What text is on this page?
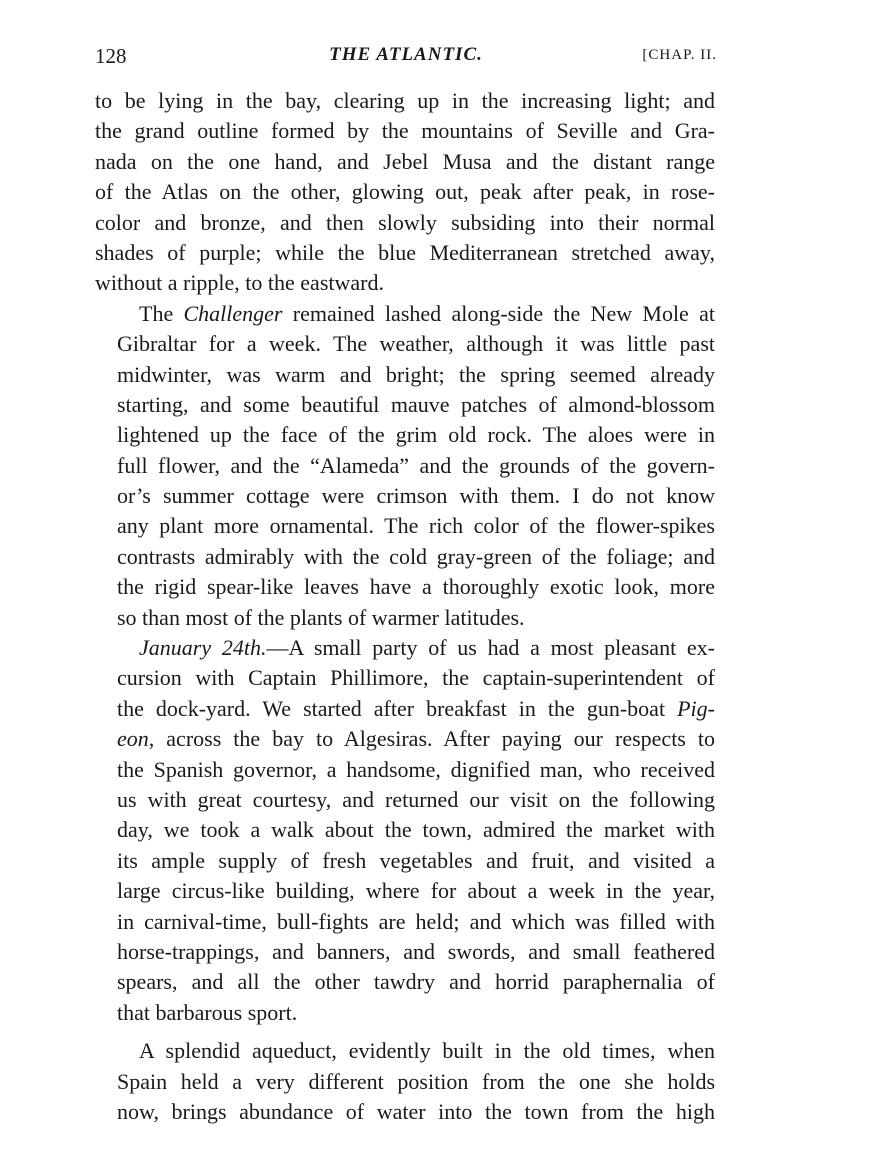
128	THE ATLANTIC.	[CHAP. II.
to be lying in the bay, clearing up in the increasing light; and
the grand outline formed by the mountains of Seville and Gra-
nada on the one hand, and Jebel Musa and the distant range
of the Atlas on the other, glowing out, peak after peak, in rose-
color and bronze, and then slowly subsiding into their normal
shades of purple; while the blue Mediterranean stretched away,
without a ripple, to the eastward.
The Challenger remained lashed along-side the New Mole at
Gibraltar for a week. The weather, although it was little past
midwinter, was warm and bright; the spring seemed already
starting, and some beautiful mauve patches of almond-blossom
lightened up the face of the grim old rock. The aloes were in
full flower, and the “Alameda” and the grounds of the govern-
or’s summer cottage were crimson with them. I do not know
any plant more ornamental. The rich color of the flower-spikes
contrasts admirably with the cold gray-green of the foliage; and
the rigid spear-like leaves have a thoroughly exotic look, more
so than most of the plants of warmer latitudes.
January 24th.—A small party of us had a most pleasant ex-
cursion with Captain Phillimore, the captain-superintendent of
the dock-yard. We started after breakfast in the gun-boat Pig-
eon, across the bay to Algesiras. After paying our respects to
the Spanish governor, a handsome, dignified man, who received
us with great courtesy, and returned our visit on the following
day, we took a walk about the town, admired the market with
its ample supply of fresh vegetables and fruit, and visited a
large circus-like building, where for about a week in the year,
in carnival-time, bull-fights are held; and which was filled with
horse-trappings, and banners, and swords, and small feathered
spears, and all the other tawdry and horrid paraphernalia of
that barbarous sport.
A splendid aqueduct, evidently built in the old times, when
Spain held a very different position from the one she holds
now, brings abundance of water into the town from the high
